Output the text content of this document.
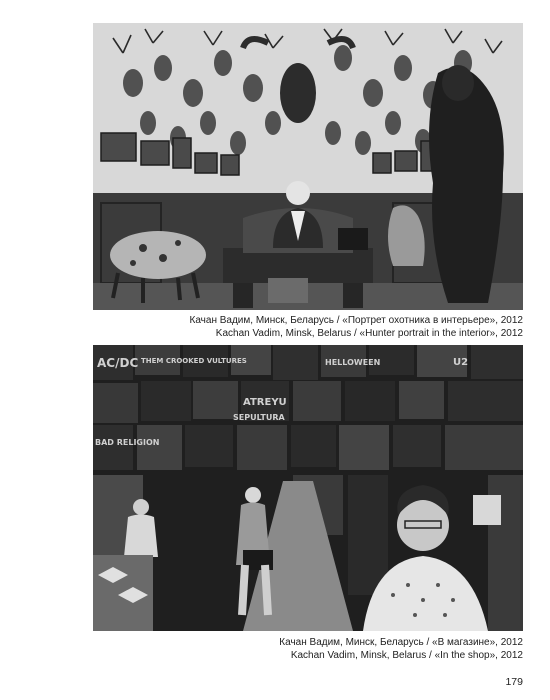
Качан Вадим, Минск, Беларусь / «Портрет охотника в интерьере», 2012
Kachan Vadim, Minsk, Belarus / «Hunter portrait in the interior», 2012
AC/DC THEM CROOKED VULTURES
ATREYU
HELLOWEEN
SEPULTURA
BAD RELIGION
U2
Качан Вадим, Минск, Беларусь / «В магазине», 2012
Kachan Vadim, Minsk, Belarus / «In the shop», 2012
179
